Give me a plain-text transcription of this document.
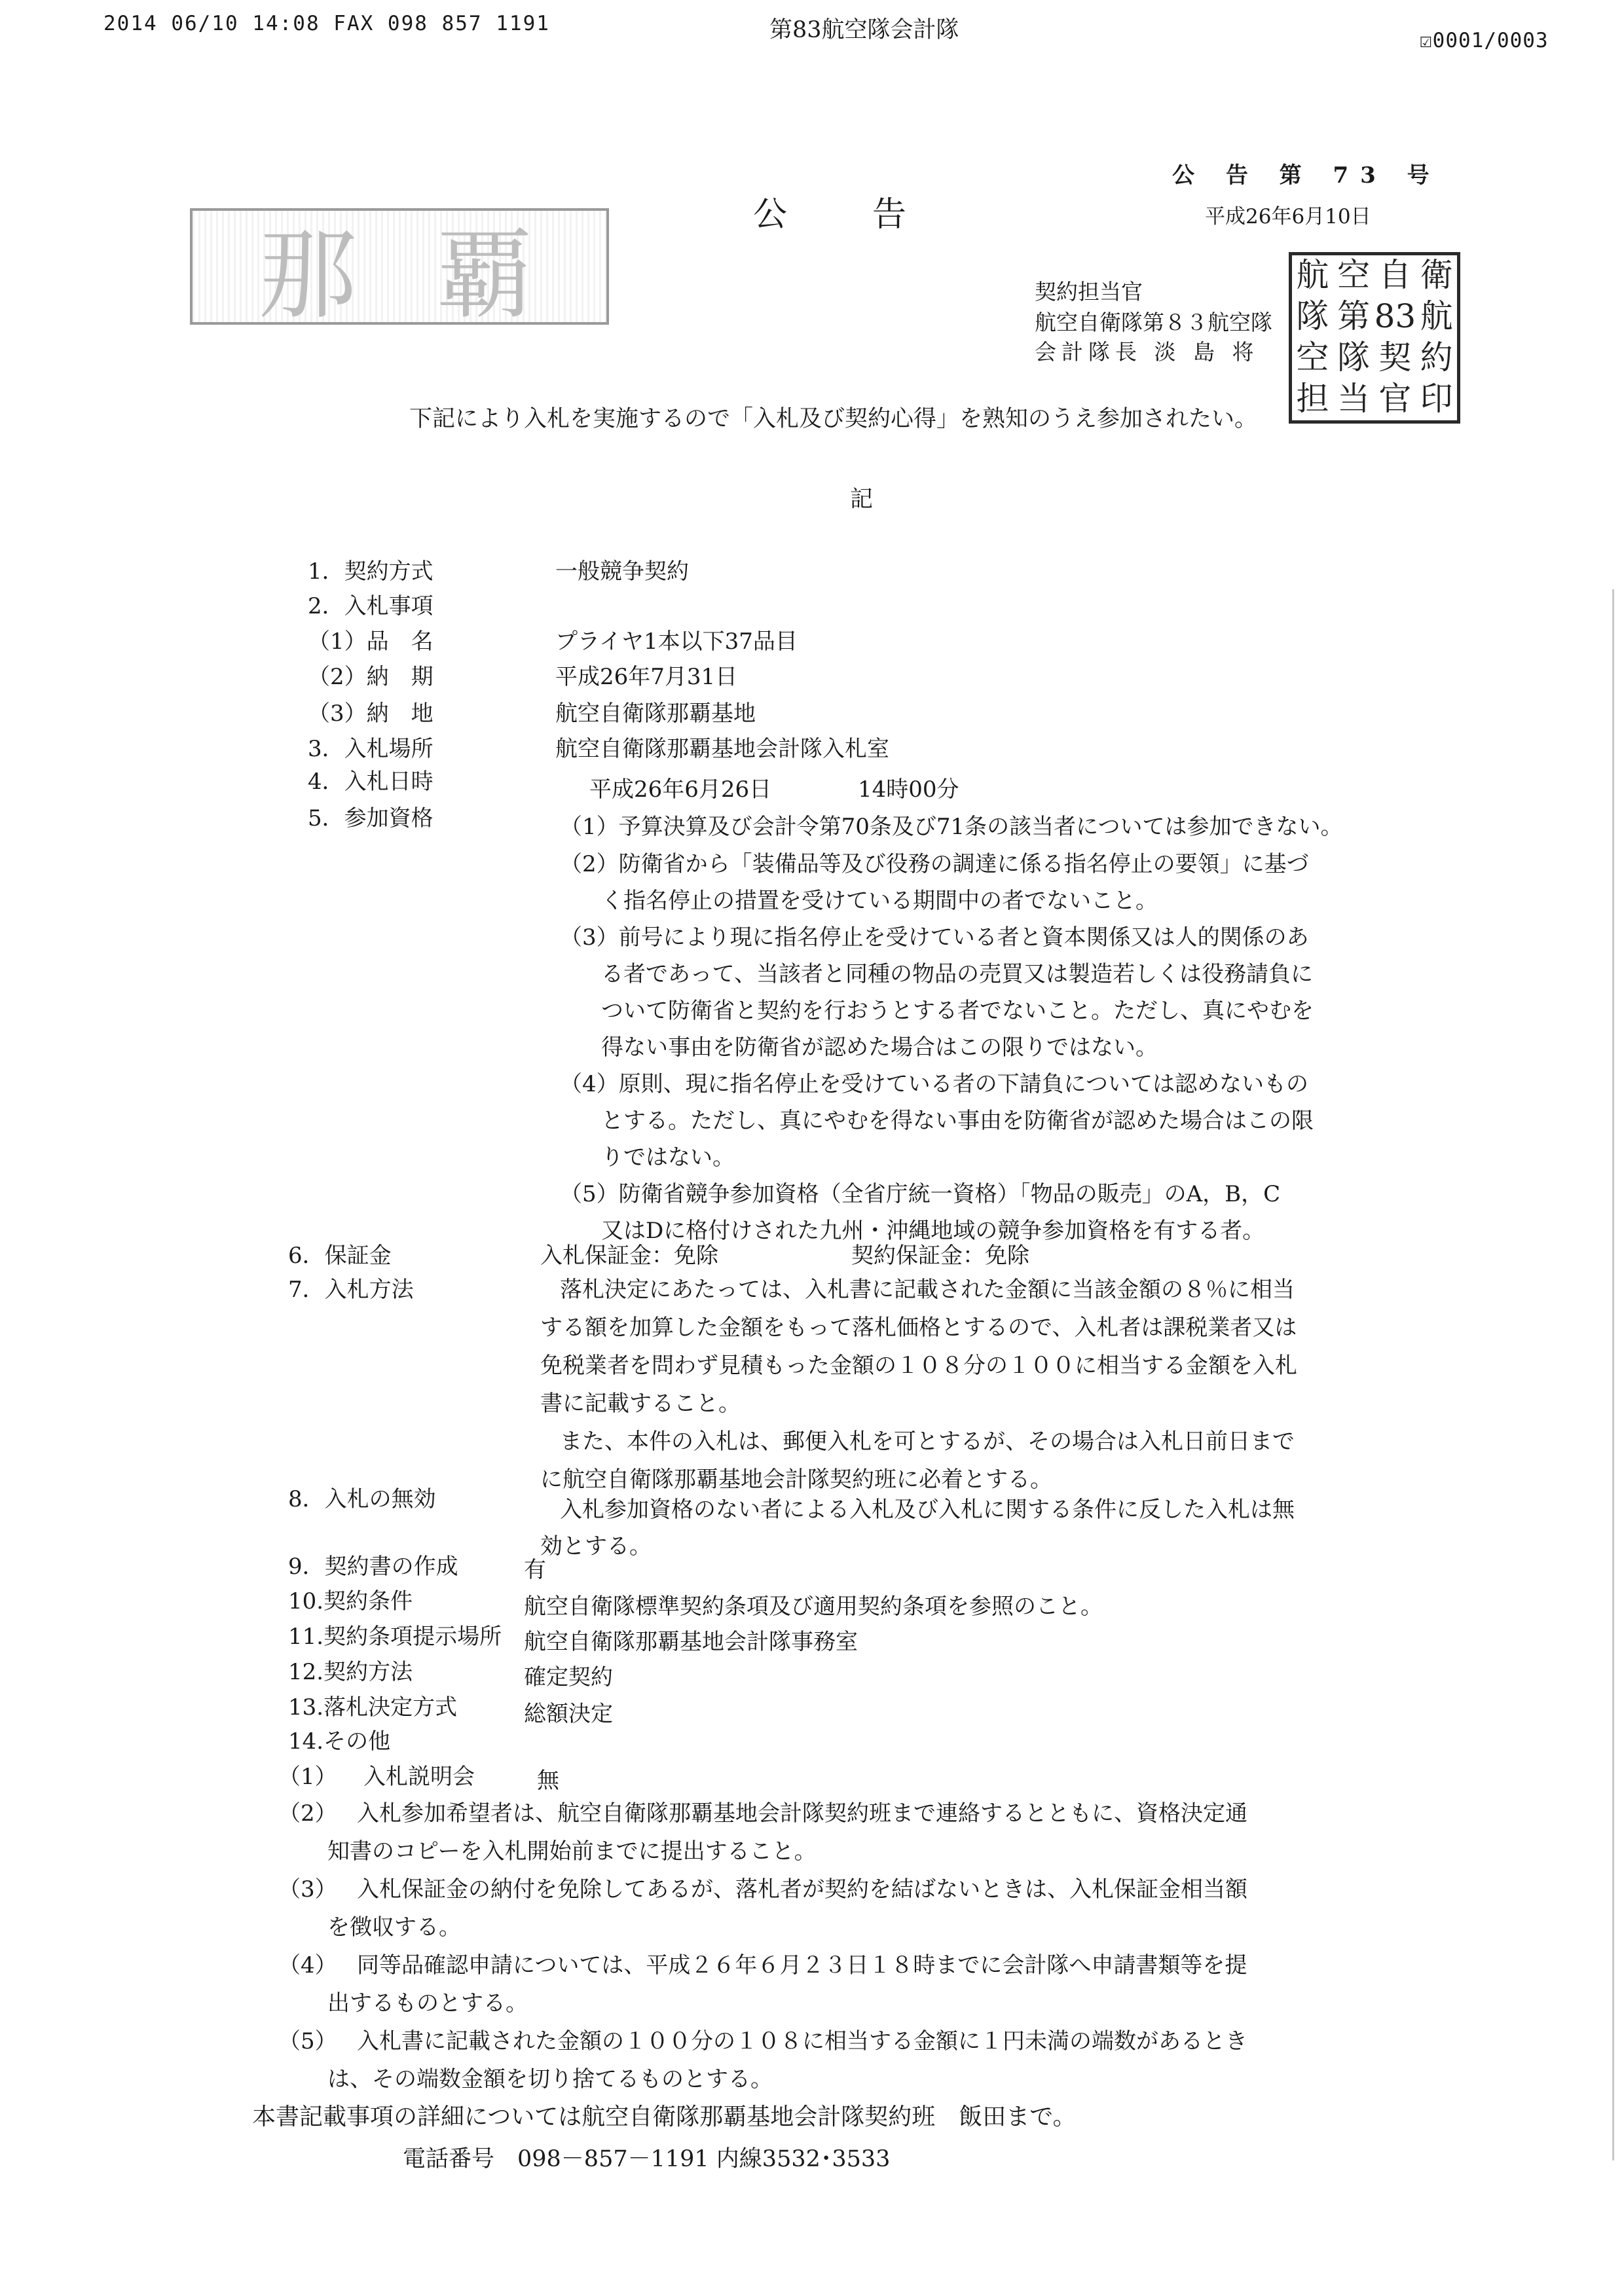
2014 06/10 14:08 FAX 098 857 1191	第83航空隊会計隊	☑0001/0003
那覇
公告
公 告 第 73 号
平成26年6月10日
契約担当官
航空自衛隊第８３航空隊
会計隊長 淡 島 将
航 空 自 衛
隊 第 83 航
空 隊 契 約
担 当 官 印
下記により入札を実施するので「入札及び契約心得」を熟知のうえ参加されたい。
記
1．契約方式	一般競争契約
2．入札事項
（1）品　名	プライヤ1本以下37品目
（2）納　期	平成26年7月31日
（3）納　地	航空自衛隊那覇基地
3．入札場所	航空自衛隊那覇基地会計隊入札室
4．入札日時	平成26年6月26日	14時00分
5．参加資格	（1）予算決算及び会計令第70条及び71条の該当者については参加できない。
（2）防衛省から「装備品等及び役務の調達に係る指名停止の要領」に基づ
く指名停止の措置を受けている期間中の者でないこと。
（3）前号により現に指名停止を受けている者と資本関係又は人的関係のあ
る者であって、当該者と同種の物品の売買又は製造若しくは役務請負に
ついて防衛省と契約を行おうとする者でないこと。ただし、真にやむを
得ない事由を防衛省が認めた場合はこの限りではない。
（4）原則、現に指名停止を受けている者の下請負については認めないもの
とする。ただし、真にやむを得ない事由を防衛省が認めた場合はこの限
りではない。
（5）防衛省競争参加資格（全省庁統一資格）「物品の販売」のA，B，C
又はDに格付けされた九州・沖縄地域の競争参加資格を有する者。
6．保証金	入札保証金：免除	契約保証金：免除
7．入札方法	落札決定にあたっては、入札書に記載された金額に当該金額の８％に相当
する額を加算した金額をもって落札価格とするので、入札者は課税業者又は
免税業者を問わず見積もった金額の１０８分の１００に相当する金額を入札
書に記載すること。
また、本件の入札は、郵便入札を可とするが、その場合は入札日前日まで
に航空自衛隊那覇基地会計隊契約班に必着とする。
8．入札の無効	入札参加資格のない者による入札及び入札に関する条件に反した入札は無
効とする。
9．契約書の作成	有
10.契約条件	航空自衛隊標準契約条項及び適用契約条項を参照のこと。
11.契約条項提示場所 航空自衛隊那覇基地会計隊事務室
12.契約方法	確定契約
13.落札決定方式	総額決定
14.その他
（1） 入札説明会	無
（2） 入札参加希望者は、航空自衛隊那覇基地会計隊契約班まで連絡するとともに、資格決定通
知書のコピーを入札開始前までに提出すること。
（3） 入札保証金の納付を免除してあるが、落札者が契約を結ばないときは、入札保証金相当額
を徴収する。
（4） 同等品確認申請については、平成２６年６月２３日１８時までに会計隊へ申請書類等を提
出するものとする。
（5） 入札書に記載された金額の１００分の１０８に相当する金額に１円未満の端数があるとき
は、その端数金額を切り捨てるものとする。
本書記載事項の詳細については航空自衛隊那覇基地会計隊契約班　飯田まで。
電話番号　098－857－1191 内線3532･3533
